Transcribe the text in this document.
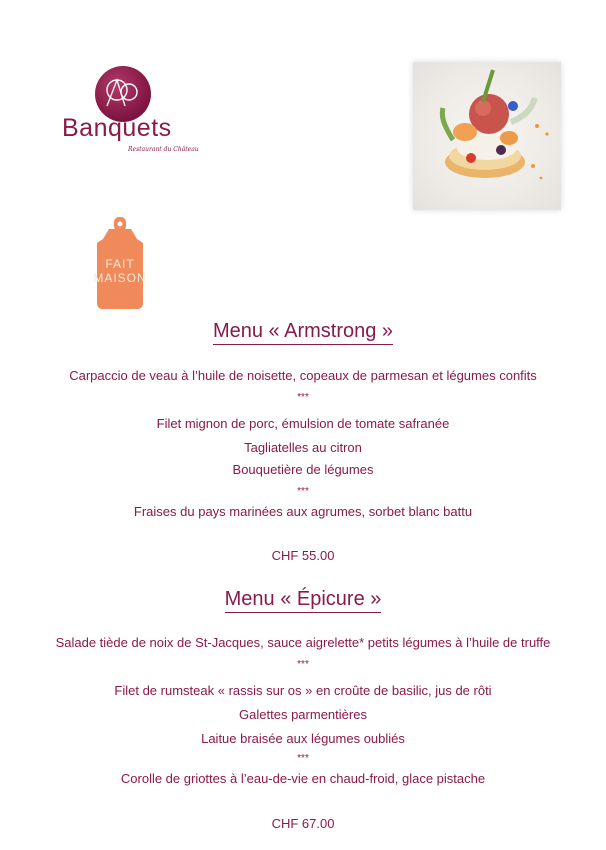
Banquets
Restaurant du Château
FAIT
MAISON
Menu « Armstrong »
Carpaccio de veau à l’huile de noisette, copeaux de parmesan et légumes confits
***
Filet mignon de porc, émulsion de tomate safranée
Tagliatelles au citron
Bouquetière de légumes
***
Fraises du pays marinées aux agrumes, sorbet blanc battu
CHF 55.00
Menu « Épicure »
Salade tiède de noix de St-Jacques, sauce aigrelette* petits légumes à l’huile de truffe
***
Filet de rumsteak « rassis sur os » en croûte de basilic, jus de rôti
Galettes parmentières
Laitue braisée aux légumes oubliés
***
Corolle de griottes à l’eau-de-vie en chaud-froid, glace pistache
CHF 67.00
